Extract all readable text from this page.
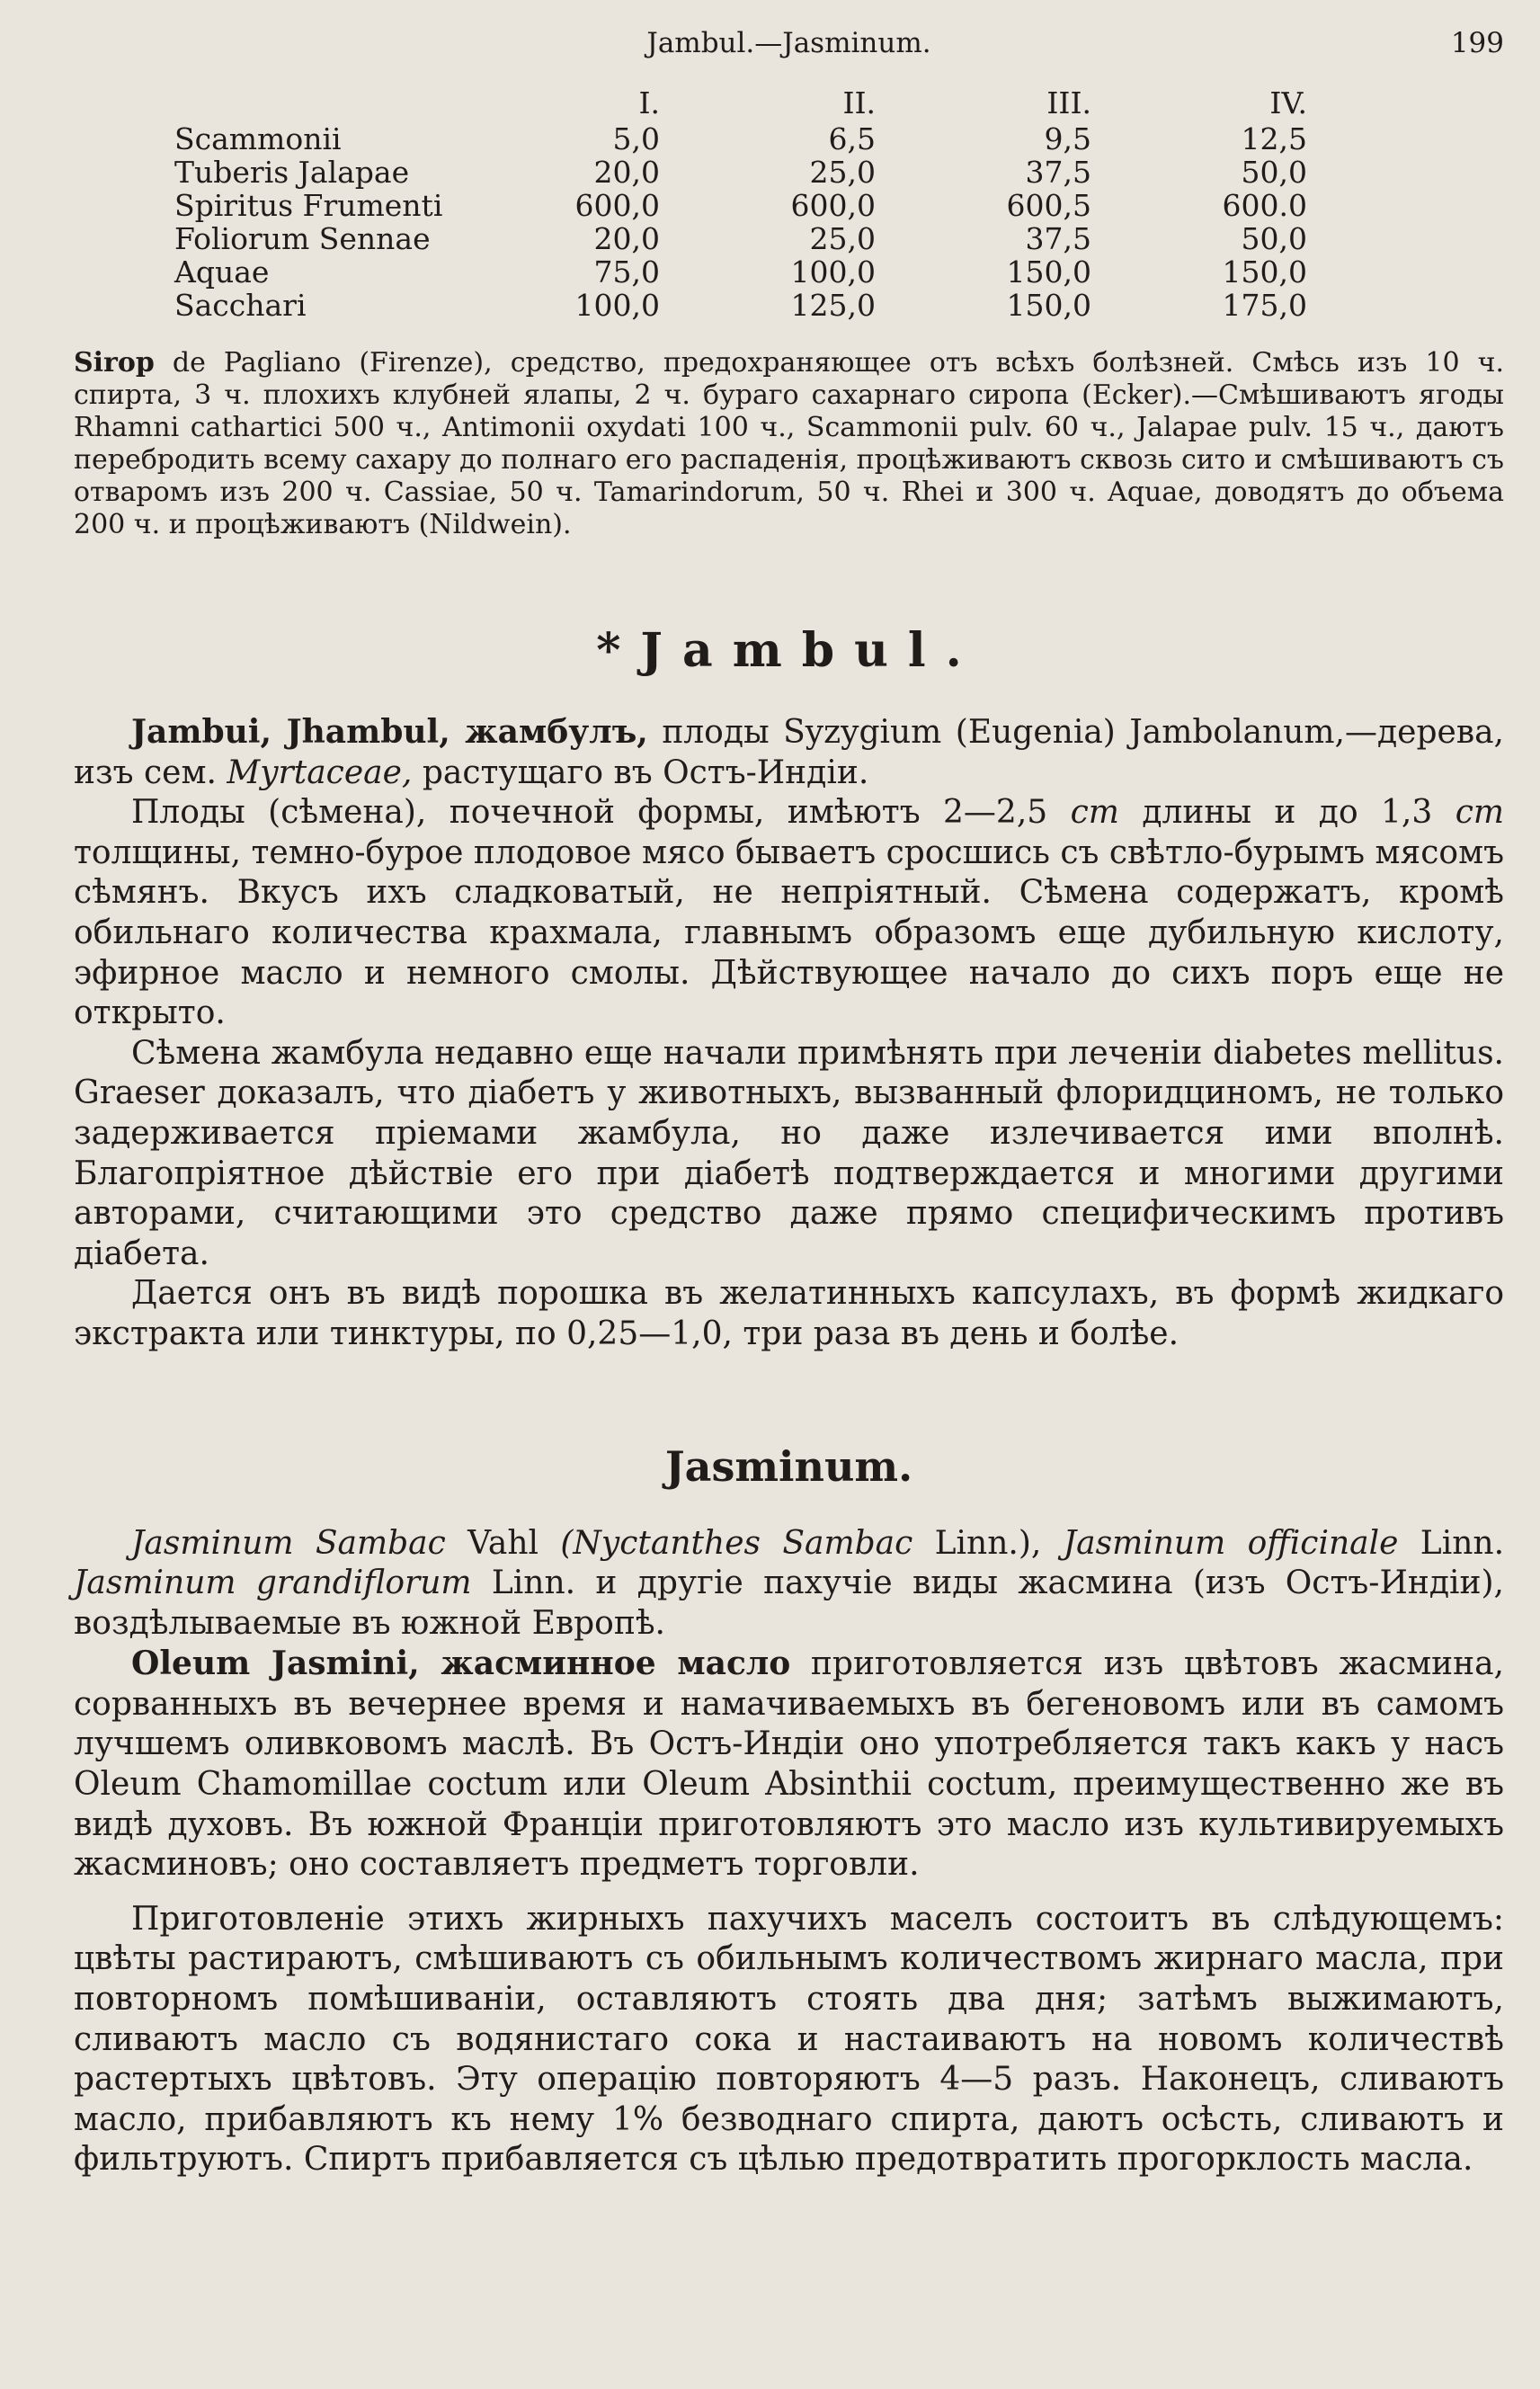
Jambul.—Jasminum.	199
	I.	II.	III.	IV.
Scammonii	5,0	6,5	9,5	12,5
Tuberis Jalapae	20,0	25,0	37,5	50,0
Spiritus Frumenti	600,0	600,0	600,5	600.0
Foliorum Sennae	20,0	25,0	37,5	50,0
Aquae	75,0	100,0	150,0	150,0
Sacchari	100,0	125,0	150,0	175,0

Sirop de Pagliano (Firenze), средство, предохраняющее отъ всѣхъ болѣзней. Смѣсь изъ 10 ч. спирта, 3 ч. плохихъ клубней ялапы, 2 ч. бураго сахарнаго сиропа (Ecker).—Смѣшиваютъ ягоды Rhamni cathartici 500 ч., Antimonii oxydati 100 ч., Scammonii pulv. 60 ч., Jalapae pulv. 15 ч., даютъ перебродить всему сахару до полнаго его распаденія, процѣживаютъ сквозь сито и смѣшиваютъ съ отваромъ изъ 200 ч. Cassiae, 50 ч. Tamarindorum, 50 ч. Rhei и 300 ч. Aquae, доводятъ до объема 200 ч. и процѣживаютъ (Nildwein).

*Jambul.

Jambui, Jhambul, жамбулъ, плоды Syzygium (Eugenia) Jambolanum,—дерева, изъ сем. Myrtaceae, растущаго въ Остъ-Индіи.

Плоды (сѣмена), почечной формы, имѣютъ 2—2,5 cm длины и до 1,3 cm толщины, темно-бурое плодовое мясо бываетъ сросшись съ свѣтло-бурымъ мясомъ сѣмянъ. Вкусъ ихъ сладковатый, не непріятный. Сѣмена содержатъ, кромѣ обильнаго количества крахмала, главнымъ образомъ еще дубильную кислоту, эфирное масло и немного смолы. Дѣйствующее начало до сихъ поръ еще не открыто.

Сѣмена жамбула недавно еще начали примѣнять при леченіи diabetes mellitus. Graeser доказалъ, что діабетъ у животныхъ, вызванный флоридциномъ, не только задерживается пріемами жамбула, но даже излечивается ими вполнѣ. Благопріятное дѣйствіе его при діабетѣ подтверждается и многими другими авторами, считающими это средство даже прямо специфическимъ противъ діабета.

Дается онъ въ видѣ порошка въ желатинныхъ капсулахъ, въ формѣ жидкаго экстракта или тинктуры, по 0,25—1,0, три раза въ день и болѣе.

Jasminum.

Jasminum Sambac Vahl (Nyctanthes Sambac Linn.), Jasminum officinale Linn. Jasminum grandiflorum Linn. и другіе пахучіе виды жасмина (изъ Остъ-Индіи), воздѣлываемые въ южной Европѣ.

Oleum Jasmini, жасминное масло приготовляется изъ цвѣтовъ жасмина, сорванныхъ въ вечернее время и намачиваемыхъ въ бегеновомъ или въ самомъ лучшемъ оливковомъ маслѣ. Въ Остъ-Индіи оно употребляется такъ какъ у насъ Oleum Chamomillae coctum или Oleum Absinthii coctum, преимущественно же въ видѣ духовъ. Въ южной Франціи приготовляютъ это масло изъ культивируемыхъ жасминовъ; оно составляетъ предметъ торговли.

Приготовленіе этихъ жирныхъ пахучихъ маселъ состоитъ въ слѣдующемъ: цвѣты растираютъ, смѣшиваютъ съ обильнымъ количествомъ жирнаго масла, при повторномъ помѣшиваніи, оставляютъ стоять два дня; затѣмъ выжимаютъ, сливаютъ масло съ водянистаго сока и настаиваютъ на новомъ количествѣ растертыхъ цвѣтовъ. Эту операцію повторяютъ 4—5 разъ. Наконецъ, сливаютъ масло, прибавляютъ къ нему 1% безводнаго спирта, даютъ осѣсть, сливаютъ и фильтруютъ. Спиртъ прибавляется съ цѣлью предотвратить прогорклость масла.
